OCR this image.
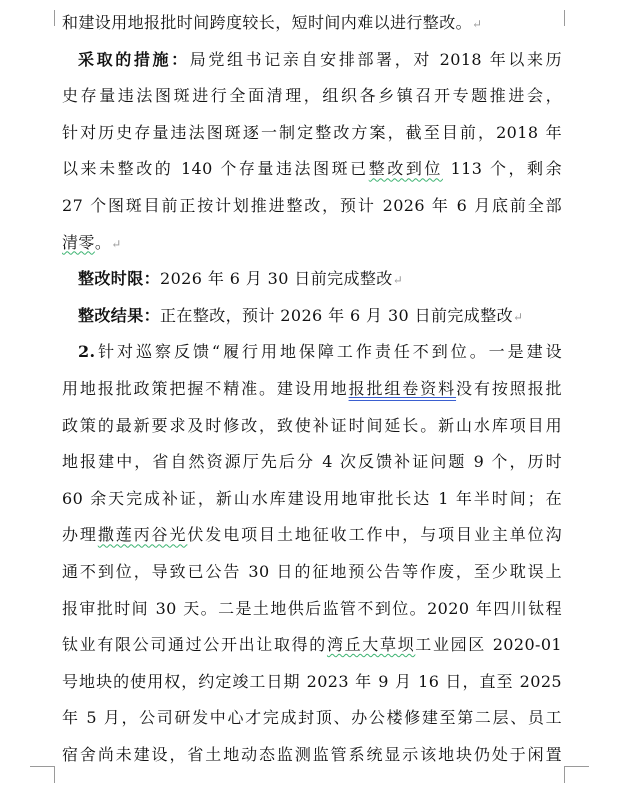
和建设用地报批时间跨度较长，短时间内难以进行整改。↵
采取的措施：局党组书记亲自安排部署，对 2018 年以来历
史存量违法图斑进行全面清理，组织各乡镇召开专题推进会，
针对历史存量违法图斑逐一制定整改方案，截至目前，2018 年
以来未整改的 140 个存量违法图斑已整改到位 113 个，剩余
27 个图斑目前正按计划推进整改，预计 2026 年 6 月底前全部
清零。↵
整改时限：2026 年 6 月 30 日前完成整改↵
整改结果：正在整改，预计 2026 年 6 月 30 日前完成整改↵
2.针对巡察反馈“履行用地保障工作责任不到位。一是建设
用地报批政策把握不精准。建设用地报批组卷资料没有按照报批
政策的最新要求及时修改，致使补证时间延长。新山水库项目用
地报建中，省自然资源厅先后分 4 次反馈补证问题 9 个，历时
60 余天完成补证，新山水库建设用地审批长达 1 年半时间；在
办理撒莲丙谷光伏发电项目土地征收工作中，与项目业主单位沟
通不到位，导致已公告 30 日的征地预公告等作废，至少耽误上
报审批时间 30 天。二是土地供后监管不到位。2020 年四川钛程
钛业有限公司通过公开出让取得的湾丘大草坝工业园区 2020-01
号地块的使用权，约定竣工日期 2023 年 9 月 16 日，直至 2025
年 5 月，公司研发中心才完成封顶、办公楼修建至第二层、员工
宿舍尚未建设，省土地动态监测监管系统显示该地块仍处于闲置
